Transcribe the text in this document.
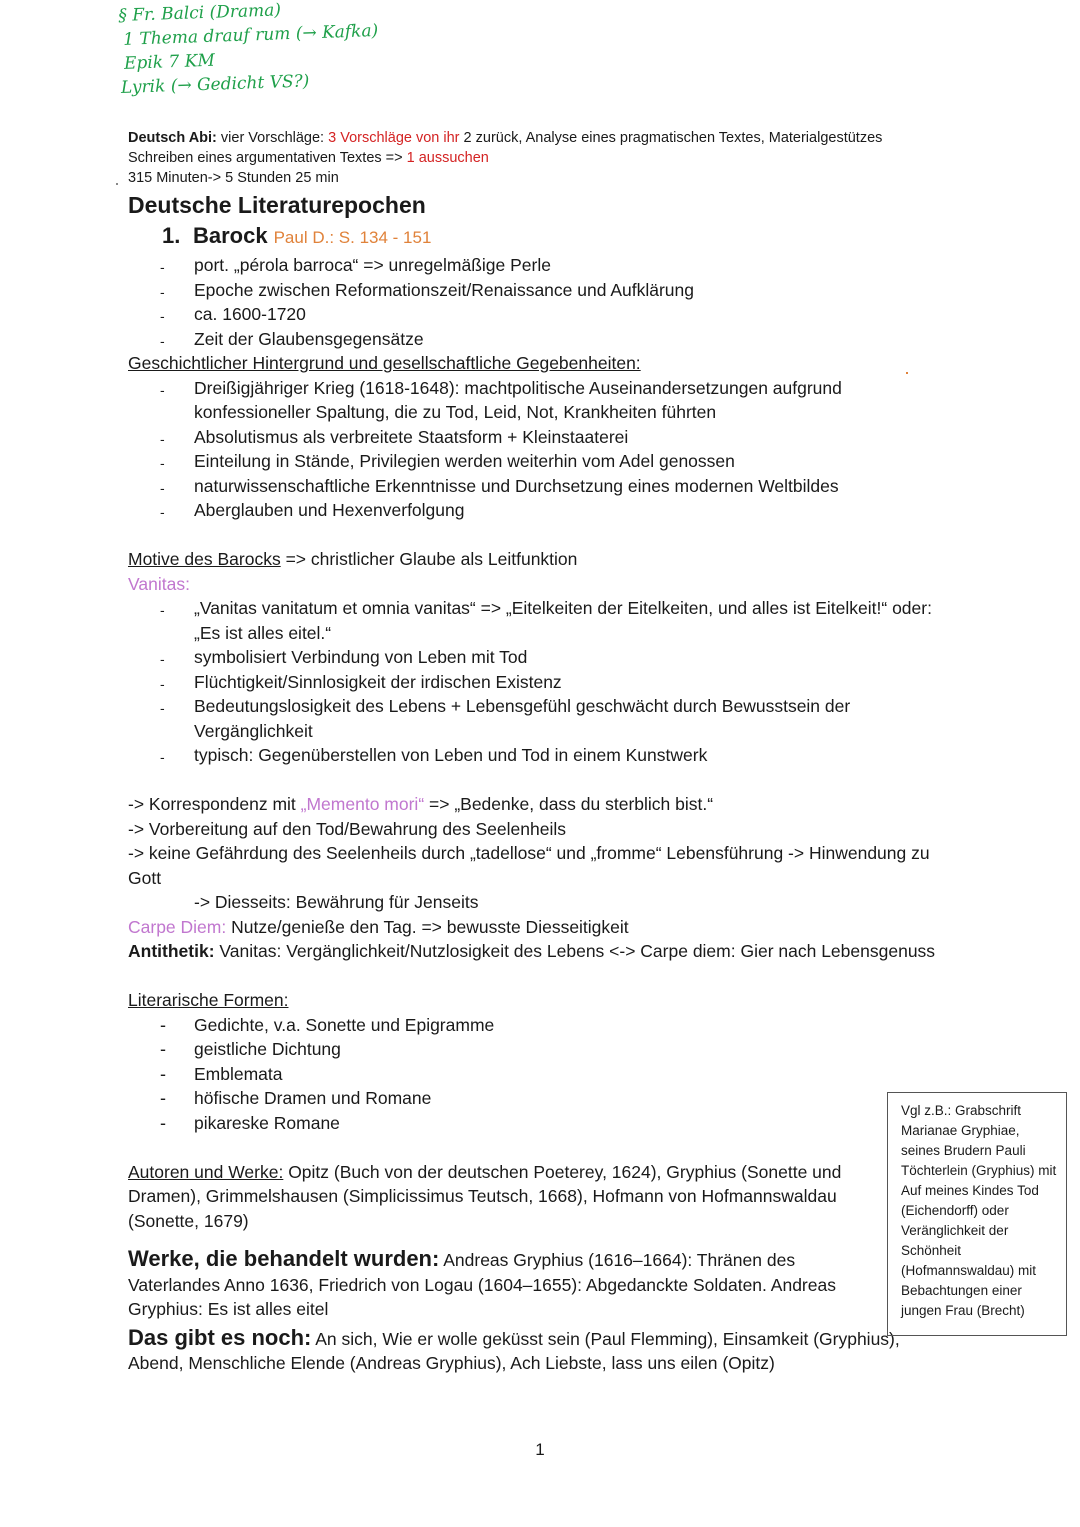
§ Fr. Balci (Drama)
1 Thema drauf rum (→ Kafka)
Epik 7 KM
Lyrik (→ Gedicht VS?)
Deutsch Abi: vier Vorschläge: 3 Vorschläge von ihr 2 zurück, Analyse eines pragmatischen Textes, Materialgestützes Schreiben eines argumentativen Textes => 1 aussuchen
315 Minuten-> 5 Stunden 25 min
Deutsche Literaturepochen
1. Barock Paul D.: S. 134 - 151
- port. „pérola barroca“ => unregelmäßige Perle
- Epoche zwischen Reformationszeit/Renaissance und Aufklärung
- ca. 1600-1720
- Zeit der Glaubensgegensätze
Geschichtlicher Hintergrund und gesellschaftliche Gegebenheiten:
- Dreißigjähriger Krieg (1618-1648): machtpolitische Auseinandersetzungen aufgrund konfessioneller Spaltung, die zu Tod, Leid, Not, Krankheiten führten
- Absolutismus als verbreitete Staatsform + Kleinstaaterei
- Einteilung in Stände, Privilegien werden weiterhin vom Adel genossen
- naturwissenschaftliche Erkenntnisse und Durchsetzung eines modernen Weltbildes
- Aberglauben und Hexenverfolgung
Motive des Barocks => christlicher Glaube als Leitfunktion
Vanitas:
- „Vanitas vanitatum et omnia vanitas“ => „Eitelkeiten der Eitelkeiten, und alles ist Eitelkeit!“ oder: „Es ist alles eitel.“
- symbolisiert Verbindung von Leben mit Tod
- Flüchtigkeit/Sinnlosigkeit der irdischen Existenz
- Bedeutungslosigkeit des Lebens + Lebensgefühl geschwächt durch Bewusstsein der Vergänglichkeit
- typisch: Gegenüberstellen von Leben und Tod in einem Kunstwerk
-> Korrespondenz mit „Memento mori“ => „Bedenke, dass du sterblich bist.“
-> Vorbereitung auf den Tod/Bewahrung des Seelenheils
-> keine Gefährdung des Seelenheils durch „tadellose“ und „fromme“ Lebensführung -> Hinwendung zu Gott
-> Diesseits: Bewährung für Jenseits
Carpe Diem: Nutze/genieße den Tag. => bewusste Diesseitigkeit
Antithetik: Vanitas: Vergänglichkeit/Nutzlosigkeit des Lebens <-> Carpe diem: Gier nach Lebensgenuss
Literarische Formen:
- Gedichte, v.a. Sonette und Epigramme
- geistliche Dichtung
- Emblemata
- höfische Dramen und Romane
- pikareske Romane
Autoren und Werke: Opitz (Buch von der deutschen Poeterey, 1624), Gryphius (Sonette und Dramen), Grimmelshausen (Simplicissimus Teutsch, 1668), Hofmann von Hofmannswaldau (Sonette, 1679)
Werke, die behandelt wurden: Andreas Gryphius (1616–1664): Thränen des Vaterlandes Anno 1636, Friedrich von Logau (1604–1655): Abgedanckte Soldaten. Andreas Gryphius: Es ist alles eitel
Das gibt es noch: An sich, Wie er wolle geküsst sein (Paul Flemming), Einsamkeit (Gryphius), Abend, Menschliche Elende (Andreas Gryphius), Ach Liebste, lass uns eilen (Opitz)
Vgl z.B.: Grabschrift Marianae Gryphiae, seines Brudern Pauli Töchterlein (Gryphius) mit Auf meines Kindes Tod (Eichendorff) oder Veränglichkeit der Schönheit (Hofmannswaldau) mit Bebachtungen einer jungen Frau (Brecht)
1
